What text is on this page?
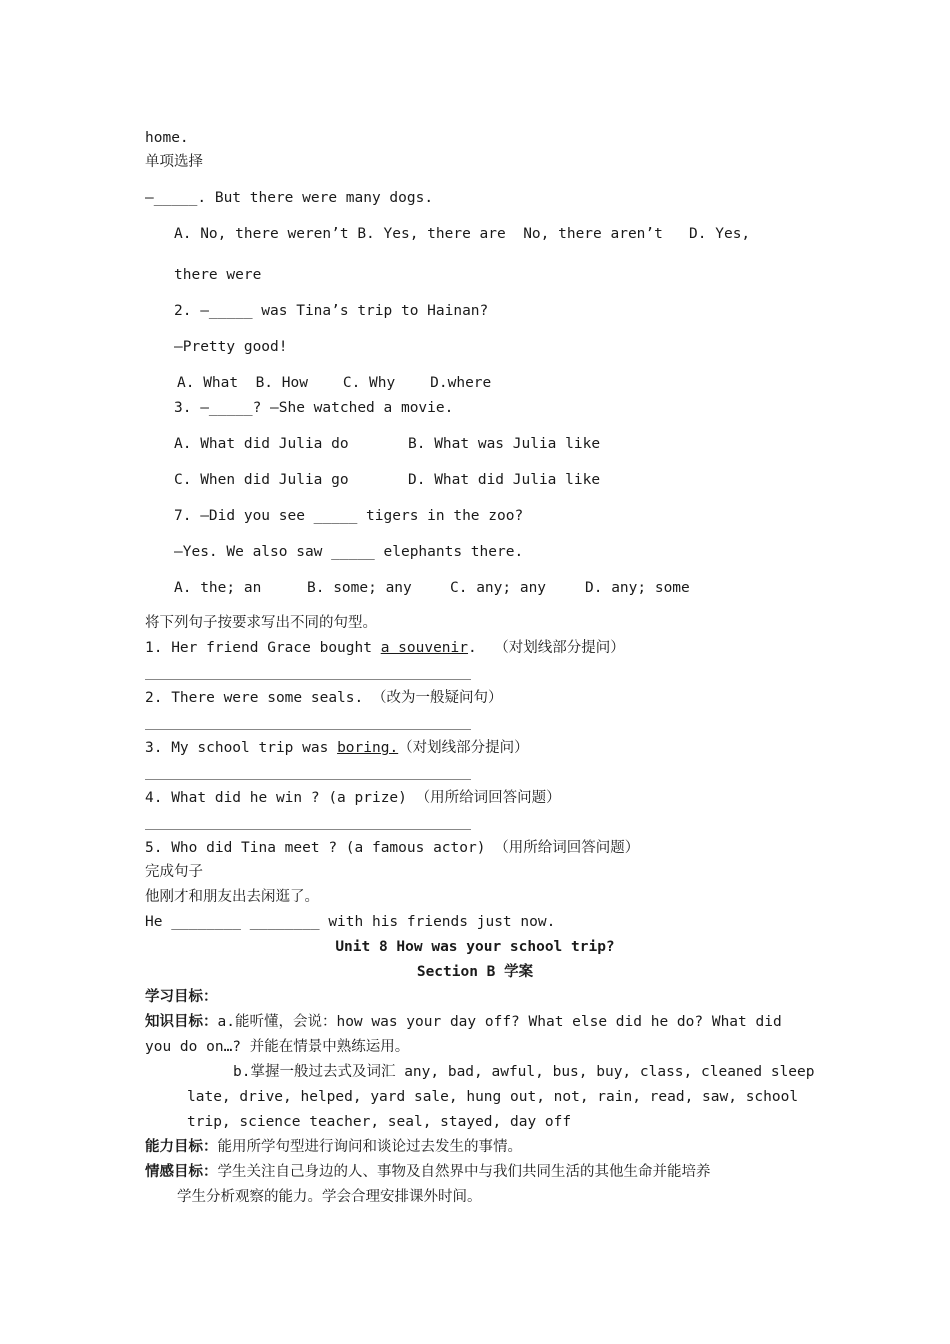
home.
单项选择
—_____. But there were many dogs.
A. No, there weren’t B. Yes, there are  No, there aren’t   D. Yes,
there were
2. —_____ was Tina’s trip to Hainan?
—Pretty good!
A. What  B. How    C. Why    D.where
3. —_____? —She watched a movie.
A. What did Julia do	B. What was Julia like
C. When did Julia go	D. What did Julia like
7. —Did you see _____ tigers in the zoo?
—Yes. We also saw _____ elephants there.
A. the; an	B. some; any	C. any; any	D. any; some
将下列句子按要求写出不同的句型。
1. Her friend Grace bought a souvenir.  （对划线部分提问）
2. There were some seals. （改为一般疑问句）
3. My school trip was boring.（对划线部分提问）
4. What did he win ? (a prize) （用所给词回答问题）
5. Who did Tina meet ? (a famous actor) （用所给词回答问题）
完成句子
他刚才和朋友出去闲逛了。
He ________ ________ with his friends just now.
Unit 8 How was your school trip?
Section B 学案
学习目标：
知识目标：a.能听懂，会说：how was your day off? What else did he do? What did
you do on…? 并能在情景中熟练运用。
b.掌握一般过去式及词汇 any, bad, awful, bus, buy, class, cleaned sleep
late, drive, helped, yard sale, hung out, not, rain, read, saw, school
trip, science teacher, seal, stayed, day off
能力目标：能用所学句型进行询问和谈论过去发生的事情。
情感目标：学生关注自己身边的人、事物及自然界中与我们共同生活的其他生命并能培养
学生分析观察的能力。学会合理安排课外时间。
